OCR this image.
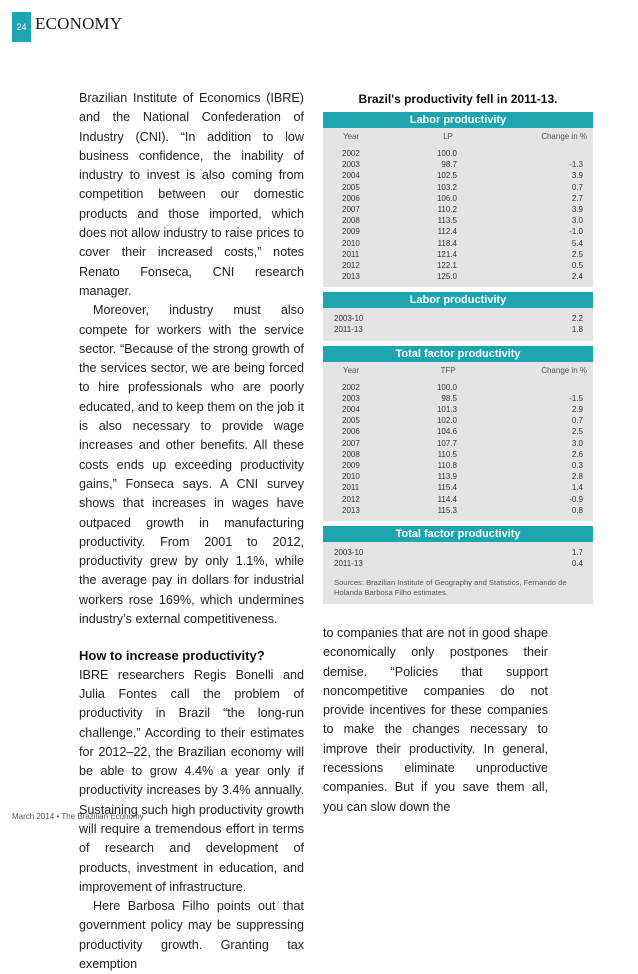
24 ECONOMY

Brazilian Institute of Economics (IBRE) and the National Confederation of Industry (CNI). “In addition to low business confidence, the inability of industry to invest is also coming from competition between our domestic products and those imported, which does not allow industry to raise prices to cover their increased costs,” notes Renato Fonseca, CNI research manager.

Moreover, industry must also compete for workers with the service sector. “Because of the strong growth of the services sector, we are being forced to hire professionals who are poorly educated, and to keep them on the job it is also necessary to provide wage increases and other benefits. All these costs ends up exceeding productivity gains,” Fonseca says. A CNI survey shows that increases in wages have outpaced growth in manufacturing productivity. From 2001 to 2012, productivity grew by only 1.1%, while the average pay in dollars for industrial workers rose 169%, which undermines industry’s external competitiveness.

How to increase productivity?

IBRE researchers Regis Bonelli and Julia Fontes call the problem of productivity in Brazil “the long-run challenge.” According to their estimates for 2012–22, the Brazilian economy will be able to grow 4.4% a year only if productivity increases by 3.4% annually. Sustaining such high productivity growth will require a tremendous effort in terms of research and development of products, investment in education, and improvement of infrastructure.

Here Barbosa Filho points out that government policy may be suppressing productivity growth. Granting tax exemption

Brazil's productivity fell in 2011-13.
Labor productivity
Year	LP	Change in %
2002	100.0
2003	98.7	-1.3
2004	102.5	3.9
2005	103.2	0.7
2006	106.0	2.7
2007	110.2	3.9
2008	113.5	3.0
2009	112.4	-1.0
2010	118.4	5.4
2011	121.4	2.5
2012	122.1	0.5
2013	125.0	2.4
Labor productivity
2003-10	2.2
2011-13	1.8
Total factor productivity
Year	TFP	Change in %
2002	100.0
2003	98.5	-1.5
2004	101.3	2.9
2005	102.0	0.7
2006	104.6	2.5
2007	107.7	3.0
2008	110.5	2.6
2009	110.8	0.3
2010	113.9	2.8
2011	115.4	1.4
2012	114.4	-0.9
2013	115.3	0.8
Total factor productivity
2003-10	1.7
2011-13	0.4
Sources: Brazilian Institute of Geography and Statistics, Fernando de Holanda Barbosa Filho estimates.

to companies that are not in good shape economically only postpones their demise. “Policies that support noncompetitive companies do not provide incentives for these companies to make the changes necessary to improve their productivity. In general, recessions eliminate unproductive companies. But if you save them all, you can slow down the

March 2014 • The Brazilian Economy
